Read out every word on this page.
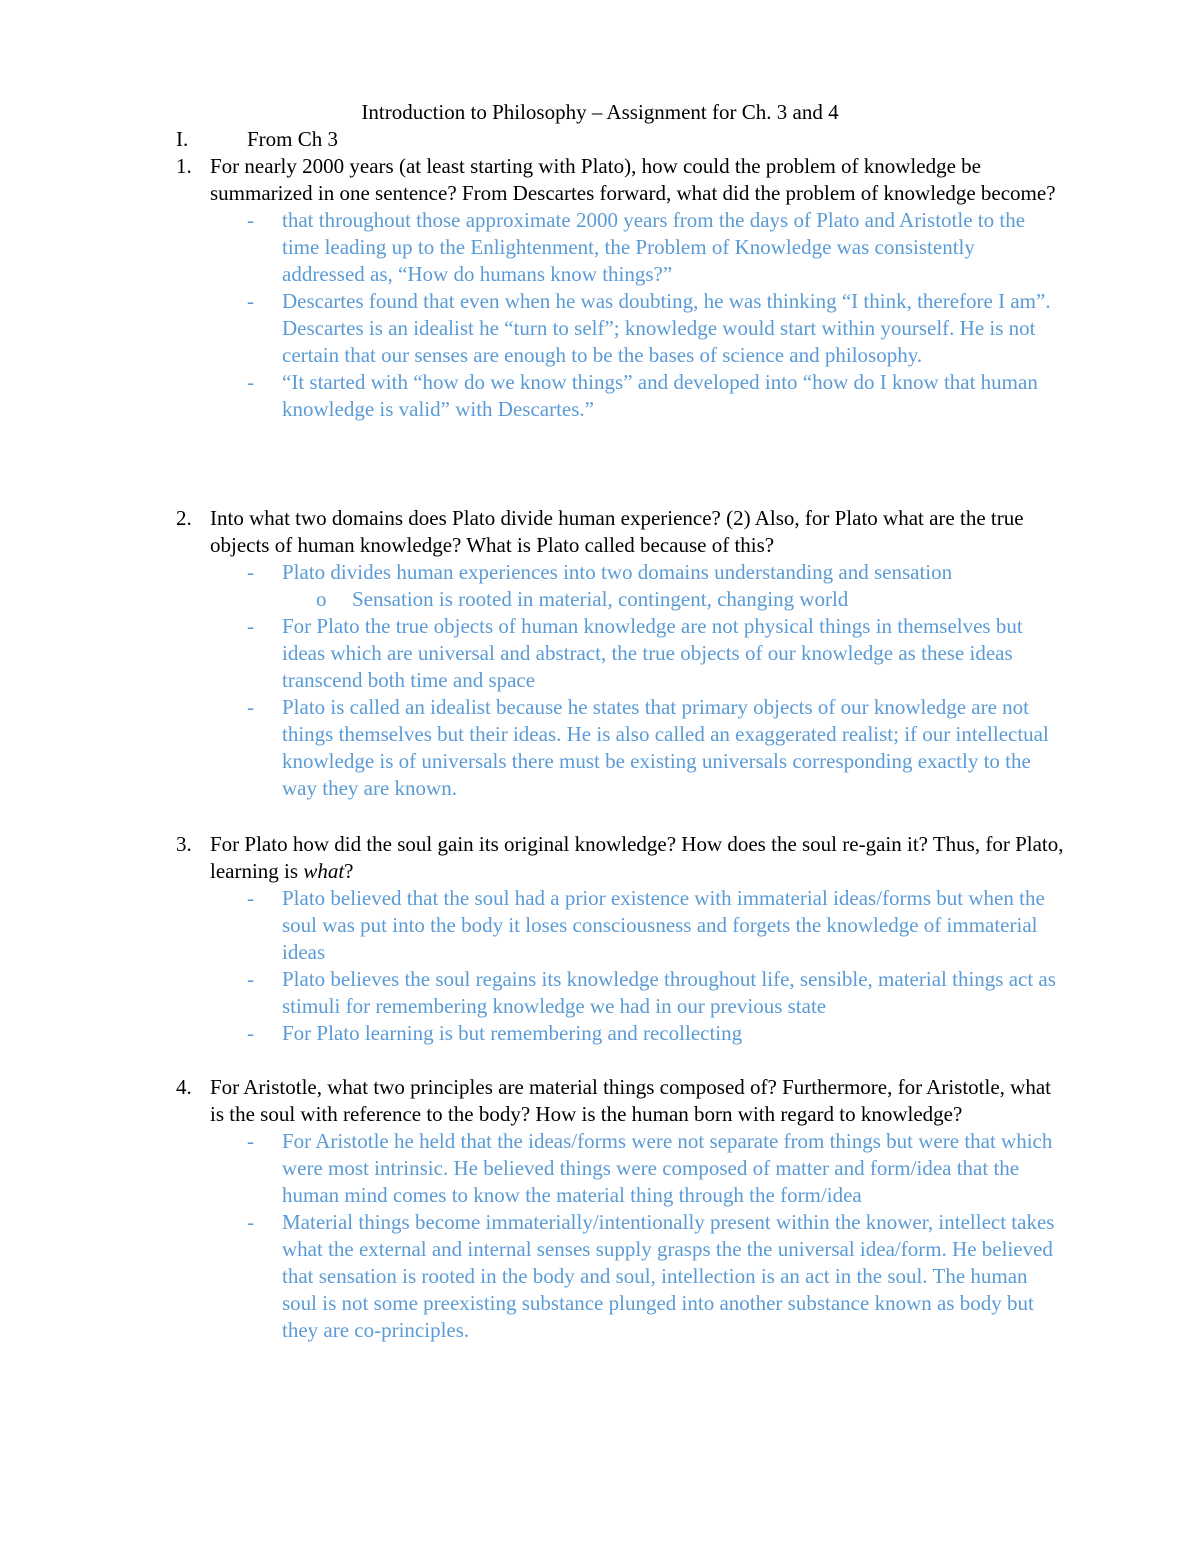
Introduction to Philosophy – Assignment for Ch. 3 and 4
I.	From Ch 3
1. For nearly 2000 years (at least starting with Plato), how could the problem of knowledge be summarized in one sentence? From Descartes forward, what did the problem of knowledge become?
- that throughout those approximate 2000 years from the days of Plato and Aristotle to the time leading up to the Enlightenment, the Problem of Knowledge was consistently addressed as, “How do humans know things?”
- Descartes found that even when he was doubting, he was thinking “I think, therefore I am”. Descartes is an idealist he “turn to self”; knowledge would start within yourself. He is not certain that our senses are enough to be the bases of science and philosophy.
- “It started with “how do we know things” and developed into “how do I know that human knowledge is valid” with Descartes.”
2. Into what two domains does Plato divide human experience? (2) Also, for Plato what are the true objects of human knowledge? What is Plato called because of this?
- Plato divides human experiences into two domains understanding and sensation
o Sensation is rooted in material, contingent, changing world
- For Plato the true objects of human knowledge are not physical things in themselves but ideas which are universal and abstract, the true objects of our knowledge as these ideas transcend both time and space
- Plato is called an idealist because he states that primary objects of our knowledge are not things themselves but their ideas. He is also called an exaggerated realist; if our intellectual knowledge is of universals there must be existing universals corresponding exactly to the way they are known.
3. For Plato how did the soul gain its original knowledge? How does the soul re-gain it? Thus, for Plato, learning is what?
- Plato believed that the soul had a prior existence with immaterial ideas/forms but when the soul was put into the body it loses consciousness and forgets the knowledge of immaterial ideas
- Plato believes the soul regains its knowledge throughout life, sensible, material things act as stimuli for remembering knowledge we had in our previous state
- For Plato learning is but remembering and recollecting
4. For Aristotle, what two principles are material things composed of? Furthermore, for Aristotle, what is the soul with reference to the body? How is the human born with regard to knowledge?
- For Aristotle he held that the ideas/forms were not separate from things but were that which were most intrinsic. He believed things were composed of matter and form/idea that the human mind comes to know the material thing through the form/idea
- Material things become immaterially/intentionally present within the knower, intellect takes what the external and internal senses supply grasps the the universal idea/form. He believed that sensation is rooted in the body and soul, intellection is an act in the soul. The human soul is not some preexisting substance plunged into another substance known as body but they are co-principles.
